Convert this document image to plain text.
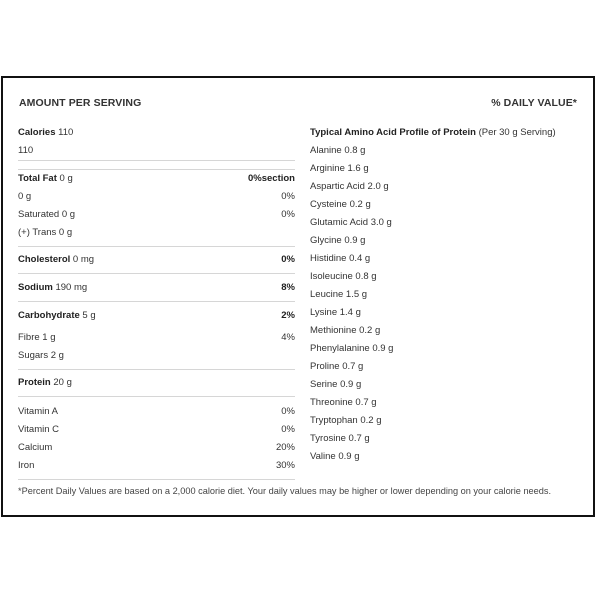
AMOUNT PER SERVING	% DAILY VALUE*
Calories 110
110
Total Fat 0 g	0%section
0 g	0%
Saturated 0 g	0%
(+) Trans 0 g
Cholesterol 0 mg	0%
Sodium 190 mg	8%
Carbohydrate 5 g	2%
Fibre 1 g	4%
Sugars 2 g
Protein 20 g
Vitamin A	0%
Vitamin C	0%
Calcium	20%
Iron	30%
Typical Amino Acid Profile of Protein (Per 30 g Serving)
Alanine 0.8 g
Arginine 1.6 g
Aspartic Acid 2.0 g
Cysteine 0.2 g
Glutamic Acid 3.0 g
Glycine 0.9 g
Histidine 0.4 g
Isoleucine 0.8 g
Leucine 1.5 g
Lysine 1.4 g
Methionine 0.2 g
Phenylalanine 0.9 g
Proline 0.7 g
Serine 0.9 g
Threonine 0.7 g
Tryptophan 0.2 g
Tyrosine 0.7 g
Valine 0.9 g
*Percent Daily Values are based on a 2,000 calorie diet. Your daily values may be higher or lower depending on your calorie needs.
